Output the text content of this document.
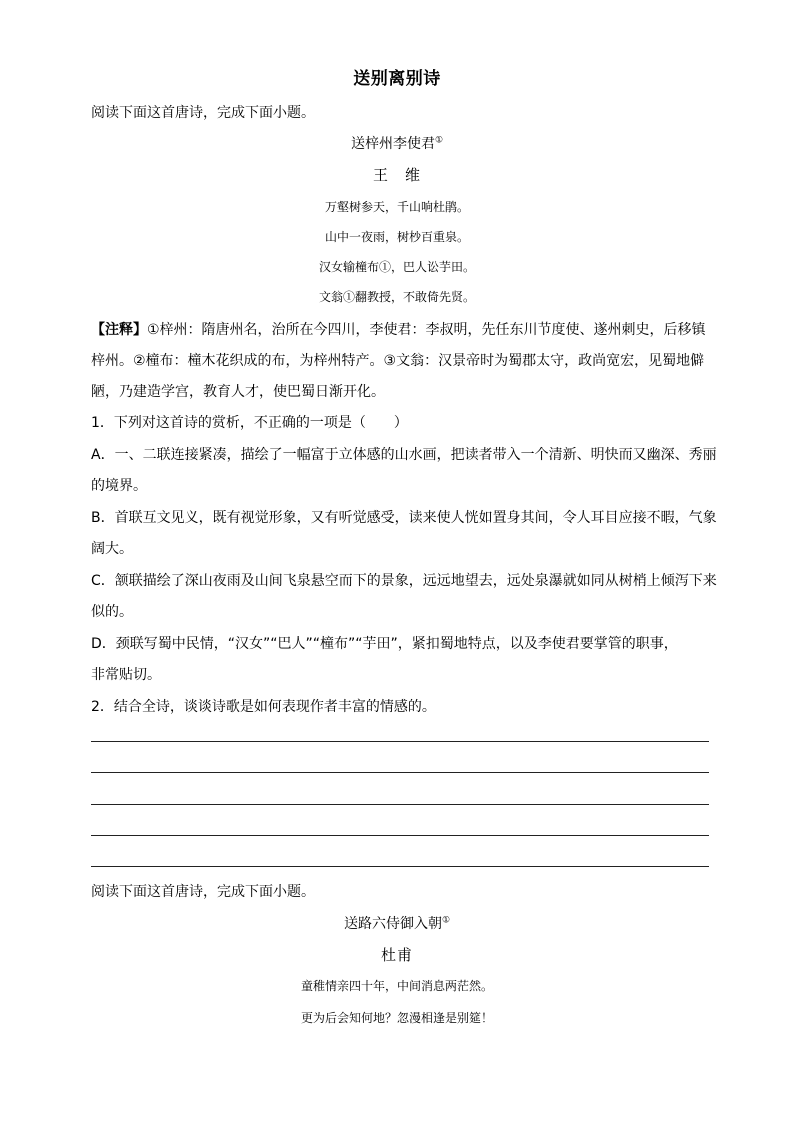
送别离别诗
阅读下面这首唐诗，完成下面小题。
送梓州李使君①
王　维
万壑树参天，千山响杜鹃。
山中一夜雨，树杪百重泉。
汉女输橦布①，巴人讼芋田。
文翁①翻教授，不敢倚先贤。
【注释】①梓州：隋唐州名，治所在今四川，李使君：李叔明，先任东川节度使、遂州刺史，后移镇
梓州。②橦布：橦木花织成的布，为梓州特产。③文翁：汉景帝时为蜀郡太守，政尚宽宏，见蜀地僻
陋，乃建造学宫，教育人才，使巴蜀日渐开化。
1．下列对这首诗的赏析，不正确的一项是（　　）
A．一、二联连接紧凑，描绘了一幅富于立体感的山水画，把读者带入一个清新、明快而又幽深、秀丽
的境界。
B．首联互文见义，既有视觉形象，又有听觉感受，读来使人恍如置身其间，令人耳目应接不暇，气象
阔大。
C．颔联描绘了深山夜雨及山间飞泉悬空而下的景象，远远地望去，远处泉瀑就如同从树梢上倾泻下来
似的。
D．颈联写蜀中民情，“汉女”“巴人”“橦布”“芋田”，紧扣蜀地特点，以及李使君要掌管的职事，
非常贴切。
2．结合全诗，谈谈诗歌是如何表现作者丰富的情感的。
阅读下面这首唐诗，完成下面小题。
送路六侍御入朝①
杜甫
童稚情亲四十年，中间消息两茫然。
更为后会知何地？忽漫相逢是别筵！
